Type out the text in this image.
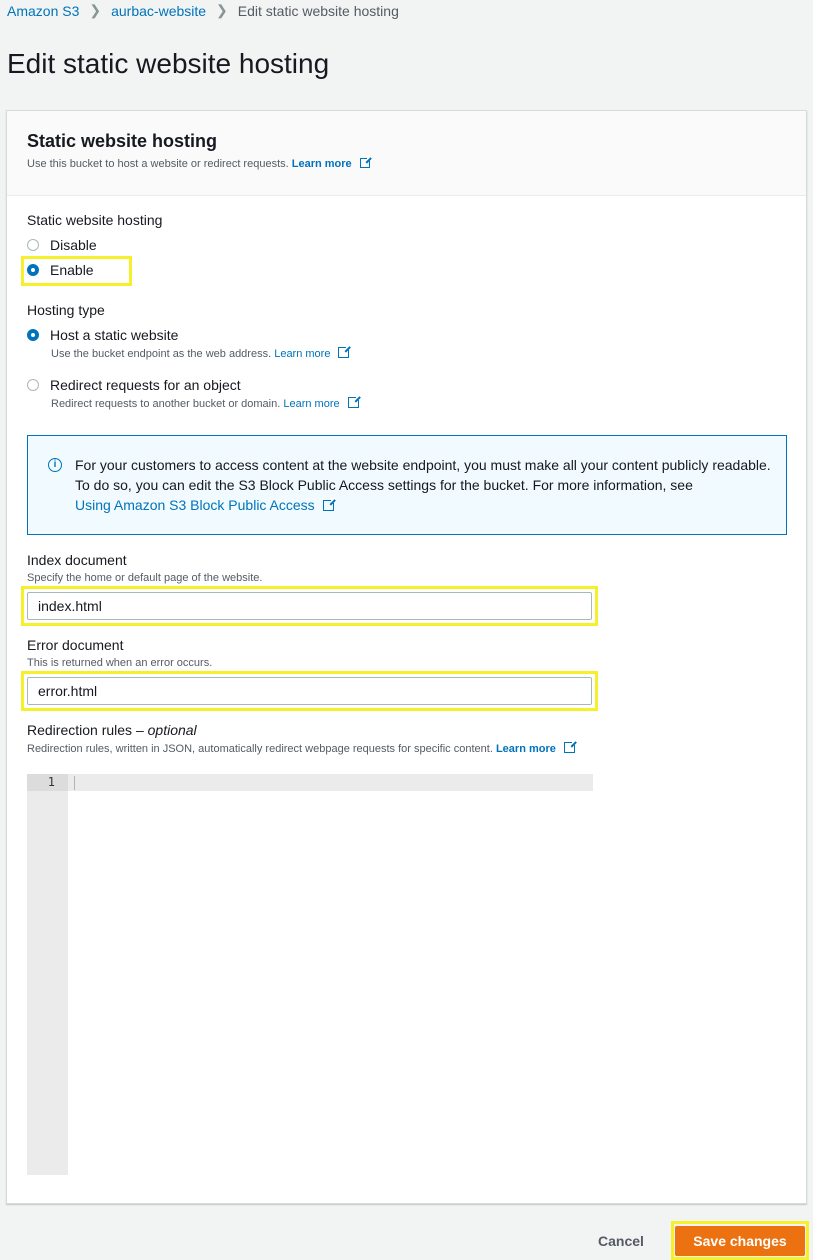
Amazon S3 ❯ aurbac-website ❯ Edit static website hosting
Edit static website hosting
Static website hosting
Use this bucket to host a website or redirect requests. Learn more
Static website hosting
Disable
Enable
Hosting type
Host a static website
Use the bucket endpoint as the web address. Learn more
Redirect requests for an object
Redirect requests to another bucket or domain. Learn more
i	For your customers to access content at the website endpoint, you must make all your content publicly readable. To do so, you can edit the S3 Block Public Access settings for the bucket. For more information, see
Using Amazon S3 Block Public Access
Index document
Specify the home or default page of the website.
index.html
Error document
This is returned when an error occurs.
error.html
Redirection rules – optional
Redirection rules, written in JSON, automatically redirect webpage requests for specific content. Learn more
1
Cancel	Save changes
